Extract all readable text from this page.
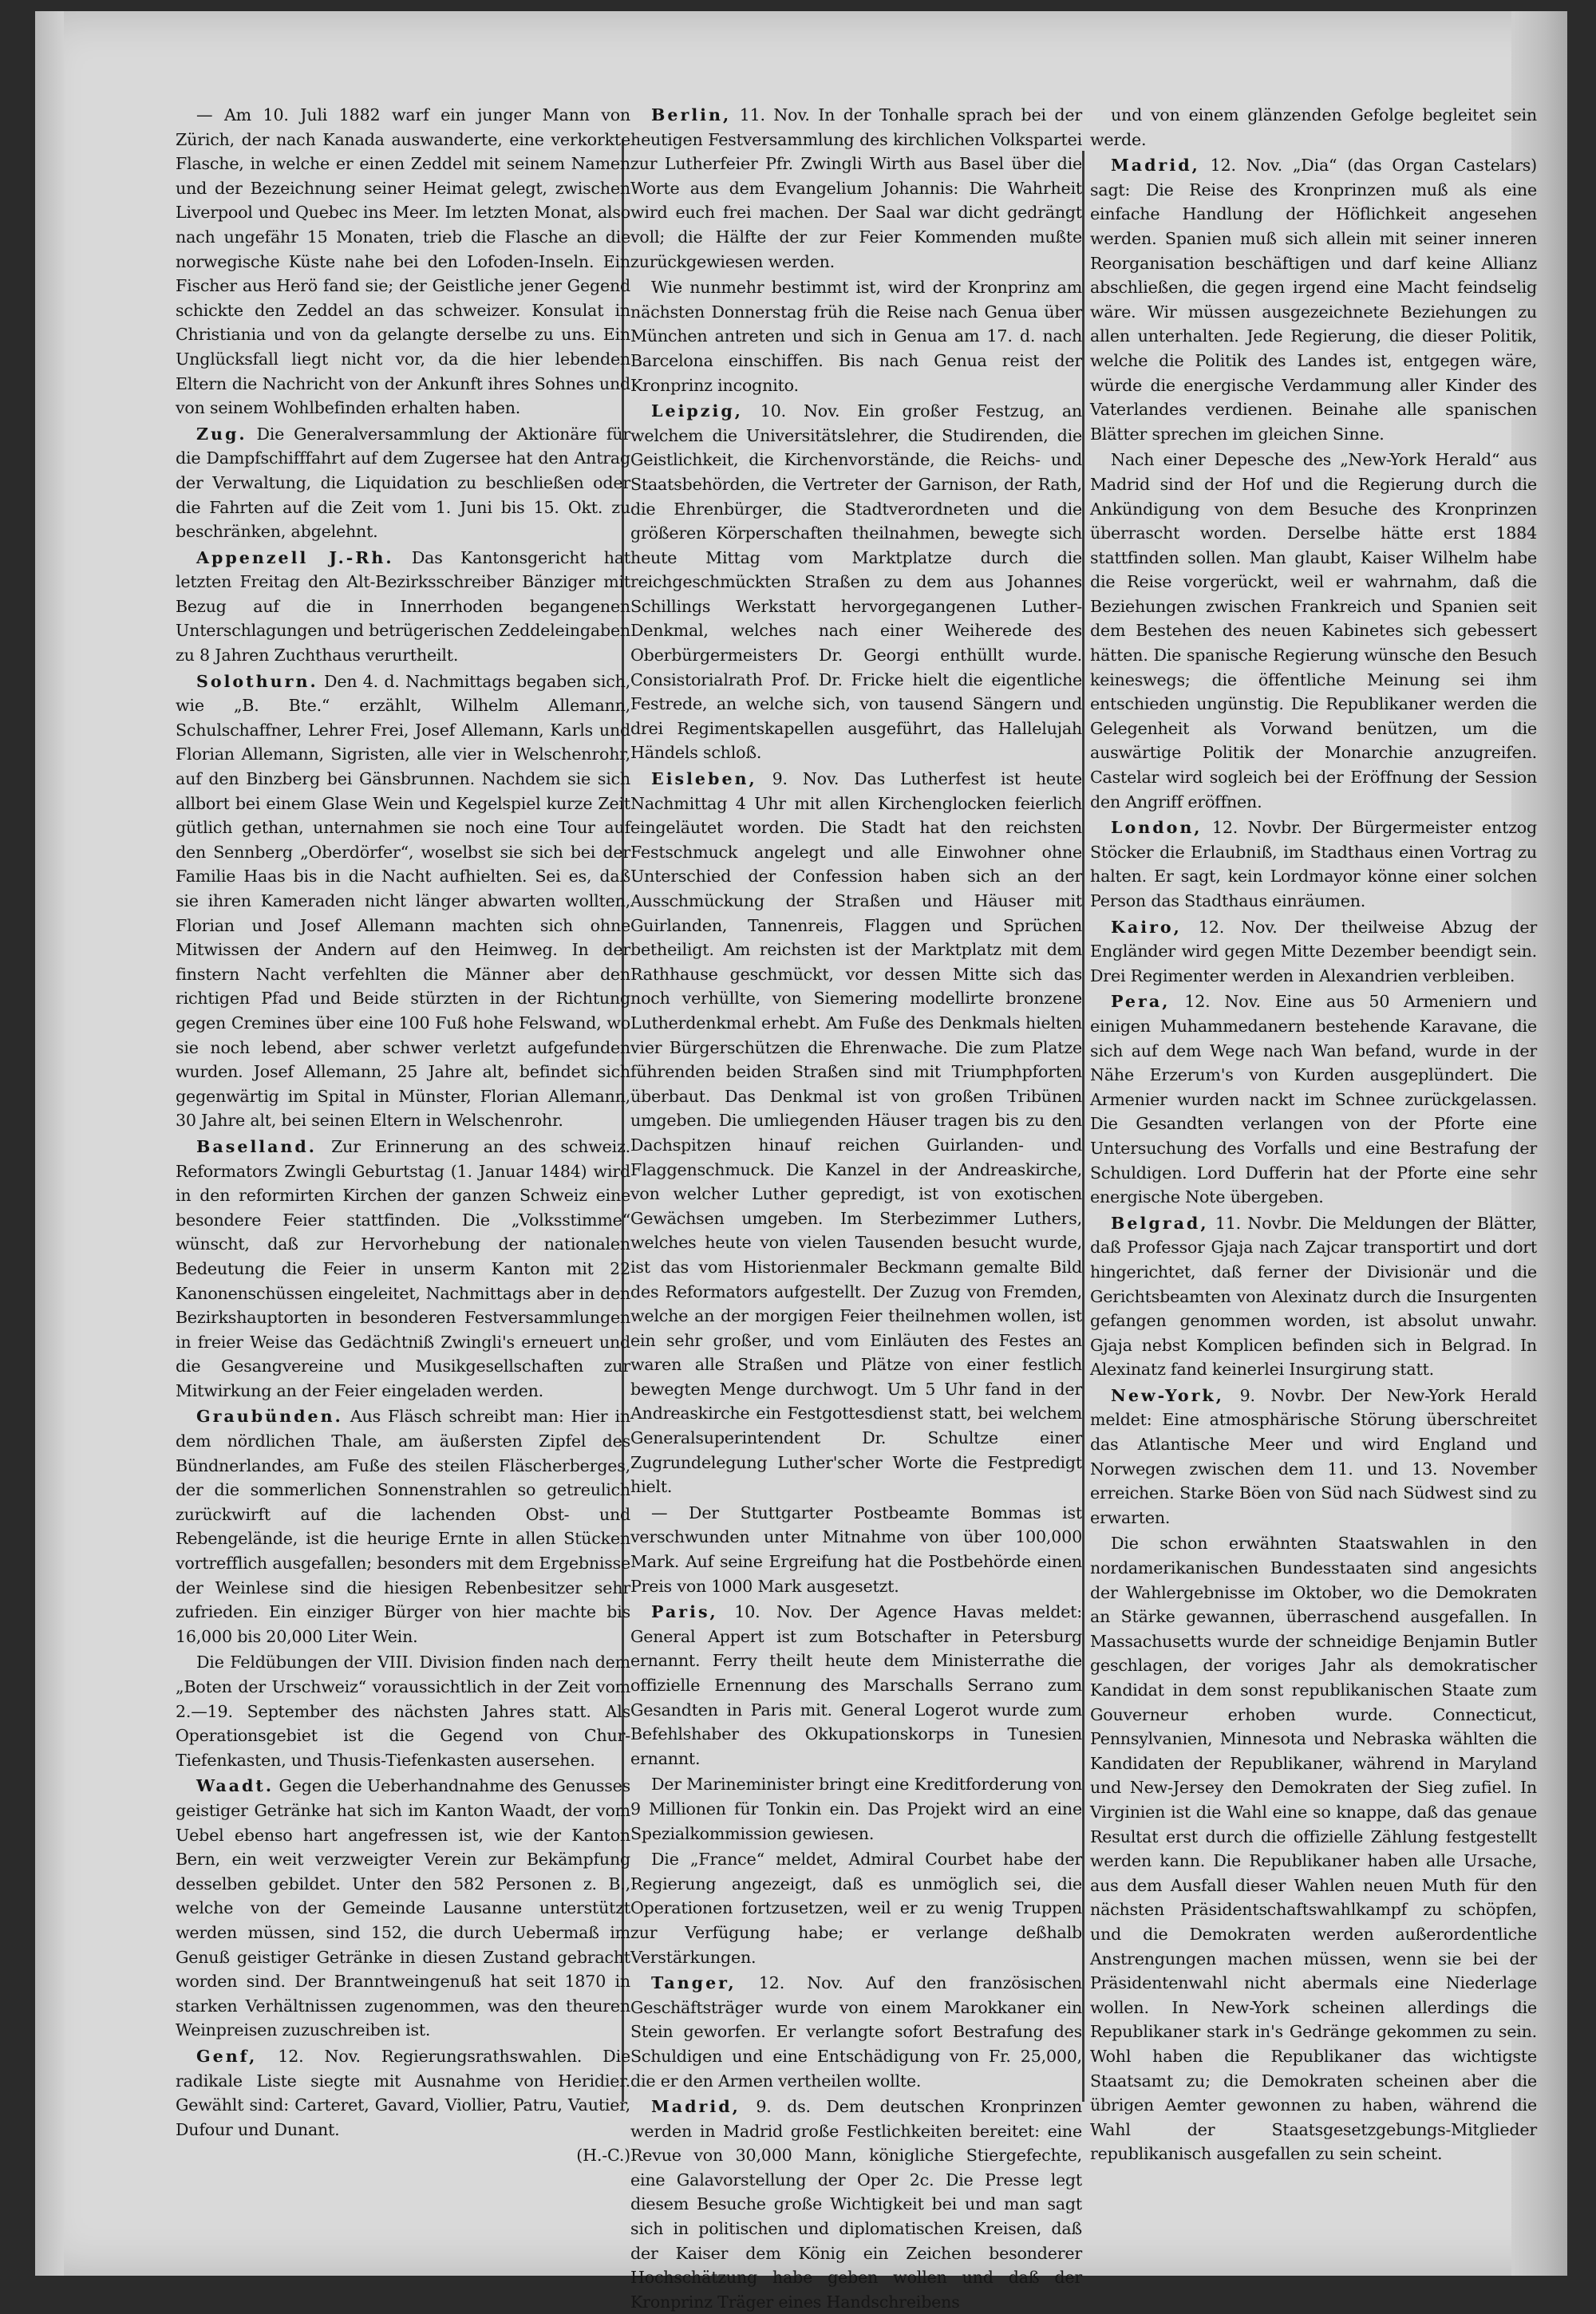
— Am 10. Juli 1882 warf ein junger Mann von Zürich, der nach Kanada auswanderte, eine verkorkte Flasche, in welche er einen Zeddel mit seinem Namen und der Bezeichnung seiner Heimat gelegt, zwischen Liverpool und Quebec ins Meer. Im letzten Monat, also nach ungefähr 15 Monaten, trieb die Flasche an die norwegische Küste nahe bei den Lofoden-Inseln. Ein Fischer aus Herö fand sie; der Geistliche jener Gegend schickte den Zeddel an das schweizer. Konsulat in Christiania und von da gelangte derselbe zu uns. Ein Unglücksfall liegt nicht vor, da die hier lebenden Eltern die Nachricht von der Ankunft ihres Sohnes und von seinem Wohlbefinden erhalten haben.

Zug. Die Generalversammlung der Aktionäre für die Dampfschifffahrt auf dem Zugersee hat den Antrag der Verwaltung, die Liquidation zu beschließen oder die Fahrten auf die Zeit vom 1. Juni bis 15. Okt. zu beschränken, abgelehnt.

Appenzell J.-Rh. Das Kantonsgericht hat letzten Freitag den Alt-Bezirksschreiber Bänziger mit Bezug auf die in Innerrhoden begangenen Unterschlagungen und betrügerischen Zeddeleingaben zu 8 Jahren Zuchthaus verurtheilt.

Solothurn. Den 4. d. Nachmittags begaben sich, wie „B. Bte.“ erzählt, Wilhelm Allemann, Schulschaffner, Lehrer Frei, Josef Allemann, Karls und Florian Allemann, Sigristen, alle vier in Welschenrohr, auf den Binzberg bei Gänsbrunnen. Nachdem sie sich allbort bei einem Glase Wein und Kegelspiel kurze Zeit gütlich gethan, unternahmen sie noch eine Tour auf den Sennberg „Oberdörfer“, woselbst sie sich bei der Familie Haas bis in die Nacht aufhielten. Sei es, daß sie ihren Kameraden nicht länger abwarten wollten, Florian und Josef Allemann machten sich ohne Mitwissen der Andern auf den Heimweg. In der finstern Nacht verfehlten die Männer aber den richtigen Pfad und Beide stürzten in der Richtung gegen Cremines über eine 100 Fuß hohe Felswand, wo sie noch lebend, aber schwer verletzt aufgefunden wurden. Josef Allemann, 25 Jahre alt, befindet sich gegenwärtig im Spital in Münster, Florian Allemann, 30 Jahre alt, bei seinen Eltern in Welschenrohr.

Baselland. Zur Erinnerung an des schweiz. Reformators Zwingli Geburtstag (1. Januar 1484) wird in den reformirten Kirchen der ganzen Schweiz eine besondere Feier stattfinden. Die „Volksstimme“ wünscht, daß zur Hervorhebung der nationalen Bedeutung die Feier in unserm Kanton mit 22 Kanonenschüssen eingeleitet, Nachmittags aber in den Bezirkshauptorten in besonderen Festversammlungen in freier Weise das Gedächtniß Zwingli's erneuert und die Gesangvereine und Musikgesellschaften zur Mitwirkung an der Feier eingeladen werden.

Graubünden. Aus Fläsch schreibt man: Hier in dem nördlichen Thale, am äußersten Zipfel des Bündnerlandes, am Fuße des steilen Fläscherberges, der die sommerlichen Sonnenstrahlen so getreulich zurückwirft auf die lachenden Obst- und Rebengelände, ist die heurige Ernte in allen Stücken vortrefflich ausgefallen; besonders mit dem Ergebnisse der Weinlese sind die hiesigen Rebenbesitzer sehr zufrieden. Ein einziger Bürger von hier machte bis 16,000 bis 20,000 Liter Wein.

Die Feldübungen der VIII. Division finden nach dem „Boten der Urschweiz“ voraussichtlich in der Zeit vom 2.—19. September des nächsten Jahres statt. Als Operationsgebiet ist die Gegend von Chur-Tiefenkasten, und Thusis-Tiefenkasten ausersehen.

Waadt. Gegen die Ueberhandnahme des Genusses geistiger Getränke hat sich im Kanton Waadt, der vom Uebel ebenso hart angefressen ist, wie der Kanton Bern, ein weit verzweigter Verein zur Bekämpfung desselben gebildet. Unter den 582 Personen z. B., welche von der Gemeinde Lausanne unterstützt werden müssen, sind 152, die durch Uebermaß im Genuß geistiger Getränke in diesen Zustand gebracht worden sind. Der Branntweingenuß hat seit 1870 in starken Verhältnissen zugenommen, was den theuren Weinpreisen zuzuschreiben ist.

Genf, 12. Nov. Regierungsrathswahlen. Die radikale Liste siegte mit Ausnahme von Heridier. Gewählt sind: Carteret, Gavard, Viollier, Patru, Vautier, Dufour und Dunant.

(H.-C.)

Berlin, 11. Nov. In der Tonhalle sprach bei der heutigen Festversammlung des kirchlichen Volkspartei zur Lutherfeier Pfr. Zwingli Wirth aus Basel über die Worte aus dem Evangelium Johannis: Die Wahrheit wird euch frei machen. Der Saal war dicht gedrängt voll; die Hälfte der zur Feier Kommenden mußte zurückgewiesen werden.

Wie nunmehr bestimmt ist, wird der Kronprinz am nächsten Donnerstag früh die Reise nach Genua über München antreten und sich in Genua am 17. d. nach Barcelona einschiffen. Bis nach Genua reist der Kronprinz incognito.

Leipzig, 10. Nov. Ein großer Festzug, an welchem die Universitätslehrer, die Studirenden, die Geistlichkeit, die Kirchenvorstände, die Reichs- und Staatsbehörden, die Vertreter der Garnison, der Rath, die Ehrenbürger, die Stadtverordneten und die größeren Körperschaften theilnahmen, bewegte sich heute Mittag vom Marktplatze durch die reichgeschmückten Straßen zu dem aus Johannes Schillings Werkstatt hervorgegangenen Luther-Denkmal, welches nach einer Weiherede des Oberbürgermeisters Dr. Georgi enthüllt wurde. Consistorialrath Prof. Dr. Fricke hielt die eigentliche Festrede, an welche sich, von tausend Sängern und drei Regimentskapellen ausgeführt, das Hallelujah Händels schloß.

Eisleben, 9. Nov. Das Lutherfest ist heute Nachmittag 4 Uhr mit allen Kirchenglocken feierlich eingeläutet worden. Die Stadt hat den reichsten Festschmuck angelegt und alle Einwohner ohne Unterschied der Confession haben sich an der Ausschmückung der Straßen und Häuser mit Guirlanden, Tannenreis, Flaggen und Sprüchen betheiligt. Am reichsten ist der Marktplatz mit dem Rathhause geschmückt, vor dessen Mitte sich das noch verhüllte, von Siemering modellirte bronzene Lutherdenkmal erhebt. Am Fuße des Denkmals hielten vier Bürgerschützen die Ehrenwache. Die zum Platze führenden beiden Straßen sind mit Triumphpforten überbaut. Das Denkmal ist von großen Tribünen umgeben. Die umliegenden Häuser tragen bis zu den Dachspitzen hinauf reichen Guirlanden- und Flaggenschmuck. Die Kanzel in der Andreaskirche, von welcher Luther gepredigt, ist von exotischen Gewächsen umgeben. Im Sterbezimmer Luthers, welches heute von vielen Tausenden besucht wurde, ist das vom Historienmaler Beckmann gemalte Bild des Reformators aufgestellt. Der Zuzug von Fremden, welche an der morgigen Feier theilnehmen wollen, ist ein sehr großer, und vom Einläuten des Festes an waren alle Straßen und Plätze von einer festlich bewegten Menge durchwogt. Um 5 Uhr fand in der Andreaskirche ein Festgottesdienst statt, bei welchem Generalsuperintendent Dr. Schultze einer Zugrundelegung Luther'scher Worte die Festpredigt hielt.

— Der Stuttgarter Postbeamte Bommas ist verschwunden unter Mitnahme von über 100,000 Mark. Auf seine Ergreifung hat die Postbehörde einen Preis von 1000 Mark ausgesetzt.

Paris, 10. Nov. Der Agence Havas meldet: General Appert ist zum Botschafter in Petersburg ernannt. Ferry theilt heute dem Ministerrathe die offizielle Ernennung des Marschalls Serrano zum Gesandten in Paris mit. General Logerot wurde zum Befehlshaber des Okkupationskorps in Tunesien ernannt.

Der Marineminister bringt eine Kreditforderung von 9 Millionen für Tonkin ein. Das Projekt wird an eine Spezialkommission gewiesen.

Die „France“ meldet, Admiral Courbet habe der Regierung angezeigt, daß es unmöglich sei, die Operationen fortzusetzen, weil er zu wenig Truppen zur Verfügung habe; er verlange deßhalb Verstärkungen.

Tanger, 12. Nov. Auf den französischen Geschäftsträger wurde von einem Marokkaner ein Stein geworfen. Er verlangte sofort Bestrafung des Schuldigen und eine Entschädigung von Fr. 25,000, die er den Armen vertheilen wollte.

Madrid, 9. ds. Dem deutschen Kronprinzen werden in Madrid große Festlichkeiten bereitet: eine Revue von 30,000 Mann, königliche Stiergefechte, eine Galavorstellung der Oper 2c. Die Presse legt diesem Besuche große Wichtigkeit bei und man sagt sich in politischen und diplomatischen Kreisen, daß der Kaiser dem König ein Zeichen besonderer Hochschätzung habe geben wollen und daß der Kronprinz Träger eines Handschreibens

und von einem glänzenden Gefolge begleitet sein werde.

Madrid, 12. Nov. „Dia“ (das Organ Castelars) sagt: Die Reise des Kronprinzen muß als eine einfache Handlung der Höflichkeit angesehen werden. Spanien muß sich allein mit seiner inneren Reorganisation beschäftigen und darf keine Allianz abschließen, die gegen irgend eine Macht feindselig wäre. Wir müssen ausgezeichnete Beziehungen zu allen unterhalten. Jede Regierung, die dieser Politik, welche die Politik des Landes ist, entgegen wäre, würde die energische Verdammung aller Kinder des Vaterlandes verdienen. Beinahe alle spanischen Blätter sprechen im gleichen Sinne.

Nach einer Depesche des „New-York Herald“ aus Madrid sind der Hof und die Regierung durch die Ankündigung von dem Besuche des Kronprinzen überrascht worden. Derselbe hätte erst 1884 stattfinden sollen. Man glaubt, Kaiser Wilhelm habe die Reise vorgerückt, weil er wahrnahm, daß die Beziehungen zwischen Frankreich und Spanien seit dem Bestehen des neuen Kabinetes sich gebessert hätten. Die spanische Regierung wünsche den Besuch keineswegs; die öffentliche Meinung sei ihm entschieden ungünstig. Die Republikaner werden die Gelegenheit als Vorwand benützen, um die auswärtige Politik der Monarchie anzugreifen. Castelar wird sogleich bei der Eröffnung der Session den Angriff eröffnen.

London, 12. Novbr. Der Bürgermeister entzog Stöcker die Erlaubniß, im Stadthaus einen Vortrag zu halten. Er sagt, kein Lordmayor könne einer solchen Person das Stadthaus einräumen.

Kairo, 12. Nov. Der theilweise Abzug der Engländer wird gegen Mitte Dezember beendigt sein. Drei Regimenter werden in Alexandrien verbleiben.

Pera, 12. Nov. Eine aus 50 Armeniern und einigen Muhammedanern bestehende Karavane, die sich auf dem Wege nach Wan befand, wurde in der Nähe Erzerum's von Kurden ausgeplündert. Die Armenier wurden nackt im Schnee zurückgelassen. Die Gesandten verlangen von der Pforte eine Untersuchung des Vorfalls und eine Bestrafung der Schuldigen. Lord Dufferin hat der Pforte eine sehr energische Note übergeben.

Belgrad, 11. Novbr. Die Meldungen der Blätter, daß Professor Gjaja nach Zajcar transportirt und dort hingerichtet, daß ferner der Divisionär und die Gerichtsbeamten von Alexinatz durch die Insurgenten gefangen genommen worden, ist absolut unwahr. Gjaja nebst Komplicen befinden sich in Belgrad. In Alexinatz fand keinerlei Insurgirung statt.

New-York, 9. Novbr. Der New-York Herald meldet: Eine atmosphärische Störung überschreitet das Atlantische Meer und wird England und Norwegen zwischen dem 11. und 13. November erreichen. Starke Böen von Süd nach Südwest sind zu erwarten.

Die schon erwähnten Staatswahlen in den nordamerikanischen Bundesstaaten sind angesichts der Wahlergebnisse im Oktober, wo die Demokraten an Stärke gewannen, überraschend ausgefallen. In Massachusetts wurde der schneidige Benjamin Butler geschlagen, der voriges Jahr als demokratischer Kandidat in dem sonst republikanischen Staate zum Gouverneur erhoben wurde. Connecticut, Pennsylvanien, Minnesota und Nebraska wählten die Kandidaten der Republikaner, während in Maryland und New-Jersey den Demokraten der Sieg zufiel. In Virginien ist die Wahl eine so knappe, daß das genaue Resultat erst durch die offizielle Zählung festgestellt werden kann. Die Republikaner haben alle Ursache, aus dem Ausfall dieser Wahlen neuen Muth für den nächsten Präsidentschaftswahlkampf zu schöpfen, und die Demokraten werden außerordentliche Anstrengungen machen müssen, wenn sie bei der Präsidentenwahl nicht abermals eine Niederlage wollen. In New-York scheinen allerdings die Republikaner stark in's Gedränge gekommen zu sein. Wohl haben die Republikaner das wichtigste Staatsamt zu; die Demokraten scheinen aber die übrigen Aemter gewonnen zu haben, während die Wahl der Staatsgesetzgebungs-Mitglieder republikanisch ausgefallen zu sein scheint.
